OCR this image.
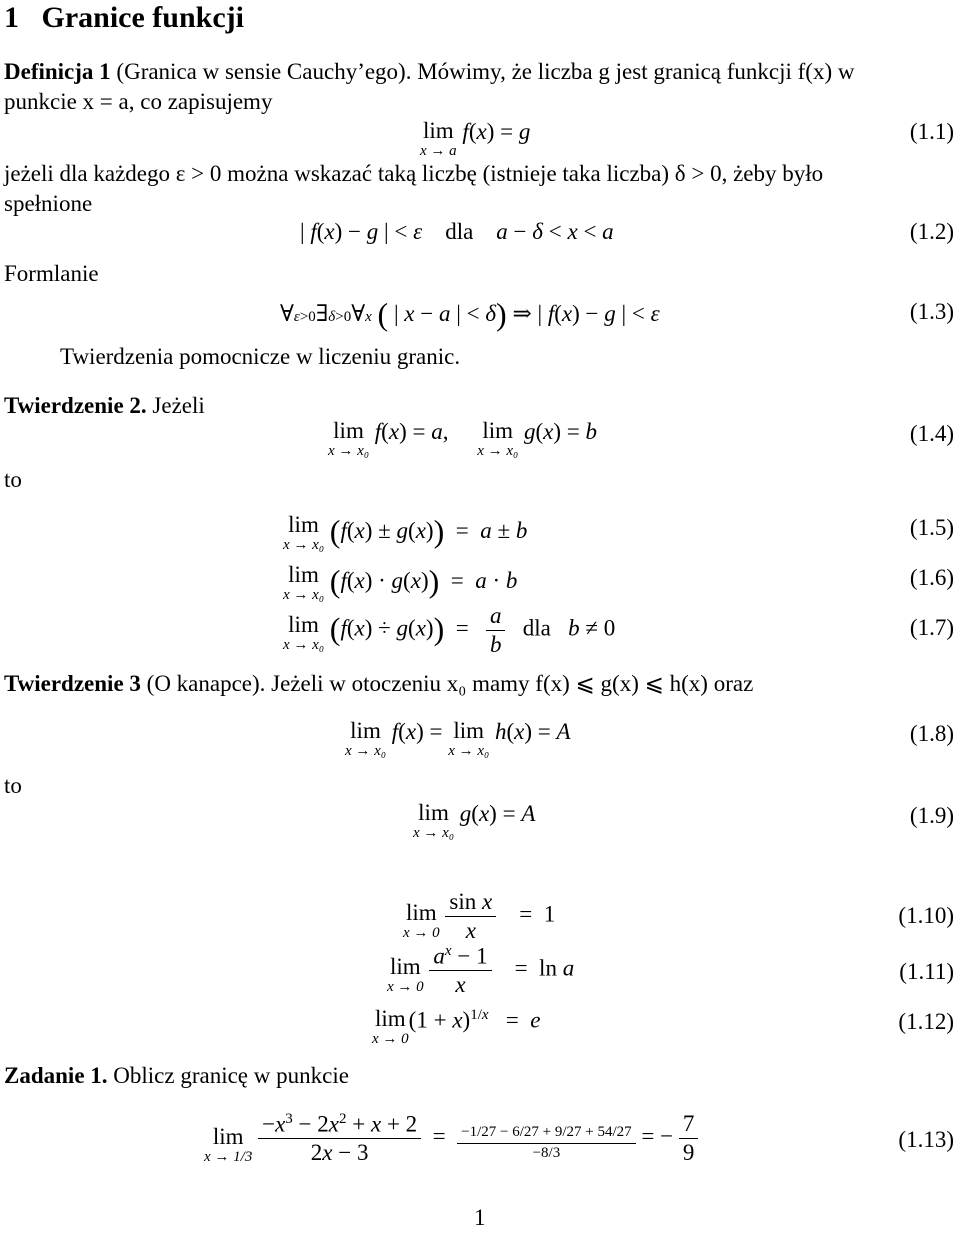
1 Granice funkcji
Definicja 1 (Granica w sensie Cauchy’ego). Mówimy, że liczba g jest granicą funkcji f(x) w
punkcie x = a, co zapisujemy
lim
x → a
f(x) = g	(1.1)
jeżeli dla każdego ε > 0 można wskazać taką liczbę (istnieje taka liczba) δ > 0, żeby było
spełnione
| f(x) − g | < ε    dla    a − δ < x < a	(1.2)
Formlanie
∀ε>0∃δ>0∀x ( | x − a | < δ) ⇒ | f(x) − g | < ε	(1.3)
Twierdzenia pomocnicze w liczeniu granic.
Twierdzenie 2. Jeżeli
lim
x → x₀
f(x) = a,     lim
x → x₀
g(x) = b	(1.4)
to
lim
x → x₀ (f(x) ± g(x))  =  a ± b	(1.5)
lim
x → x₀ (f(x) · g(x))  =  a · b	(1.6)
lim
x → x₀ $(f(x) \div g(x)) = \frac{a}{b}$ dla   b ≠ 0	(1.7)
Twierdzenie 3 (O kanapce). Jeżeli w otoczeniu x₀ mamy f(x) ⩽ g(x) ⩽ h(x) oraz
lim
x → x₀
f(x) = lim
x → x₀
h(x) = A	(1.8)
to
lim
x → x₀
g(x) = A	(1.9)
lim
x → 0
$\frac{\text{sin x}}{x} = 1$	(1.10)
lim
x → 0
$\frac{a^x - 1}{x} = \ln a$	(1.11)
lim
x → 0
$(1 + x)^{1/x} = e$	(1.12)
Zadanie 1. Oblicz granicę w punkcie
lim
x → 1/3
$\frac{-x^3 - 2x^2 + x + 2}{2x - 3} = \frac{-1/27 - 6/27 + 9/27 + 54/27}{-8/3}$ = − $\frac{7}{9}$	(1.13)
1
